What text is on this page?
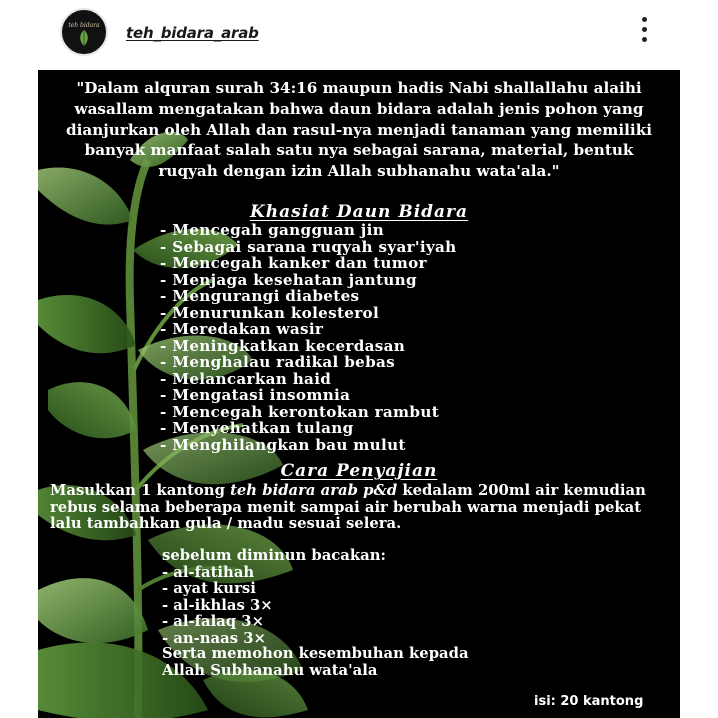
teh bidara teh_bidara_arab

"Dalam alquran surah 34:16 maupun hadis Nabi shallallahu alaihi wasallam mengatakan bahwa daun bidara adalah jenis pohon yang dianjurkan oleh Allah dan rasul-nya menjadi tanaman yang memiliki banyak manfaat salah satu nya sebagai sarana, material, bentuk ruqyah dengan izin Allah subhanahu wata'ala."

Khasiat Daun Bidara
- Mencegah gangguan jin
- Sebagai sarana ruqyah syar'iyah
- Mencegah kanker dan tumor
- Menjaga kesehatan jantung
- Mengurangi diabetes
- Menurunkan kolesterol
- Meredakan wasir
- Meningkatkan kecerdasan
- Menghalau radikal bebas
- Melancarkan haid
- Mengatasi insomnia
- Mencegah kerontokan rambut
- Menyehatkan tulang
- Menghilangkan bau mulut
Cara Penyajian

Masukkan 1 kantong teh bidara arab p&d kedalam 200ml air kemudian rebus selama beberapa menit sampai air berubah warna menjadi pekat lalu tambahkan gula / madu sesuai selera.

sebelum diminun bacakan:

- al-fatihah
- ayat kursi
- al-ikhlas 3×
- al-falaq 3×
- an-naas 3×

Serta memohon kesembuhan kepada

Allah Subhanahu wata'ala

isi: 20 kantong
